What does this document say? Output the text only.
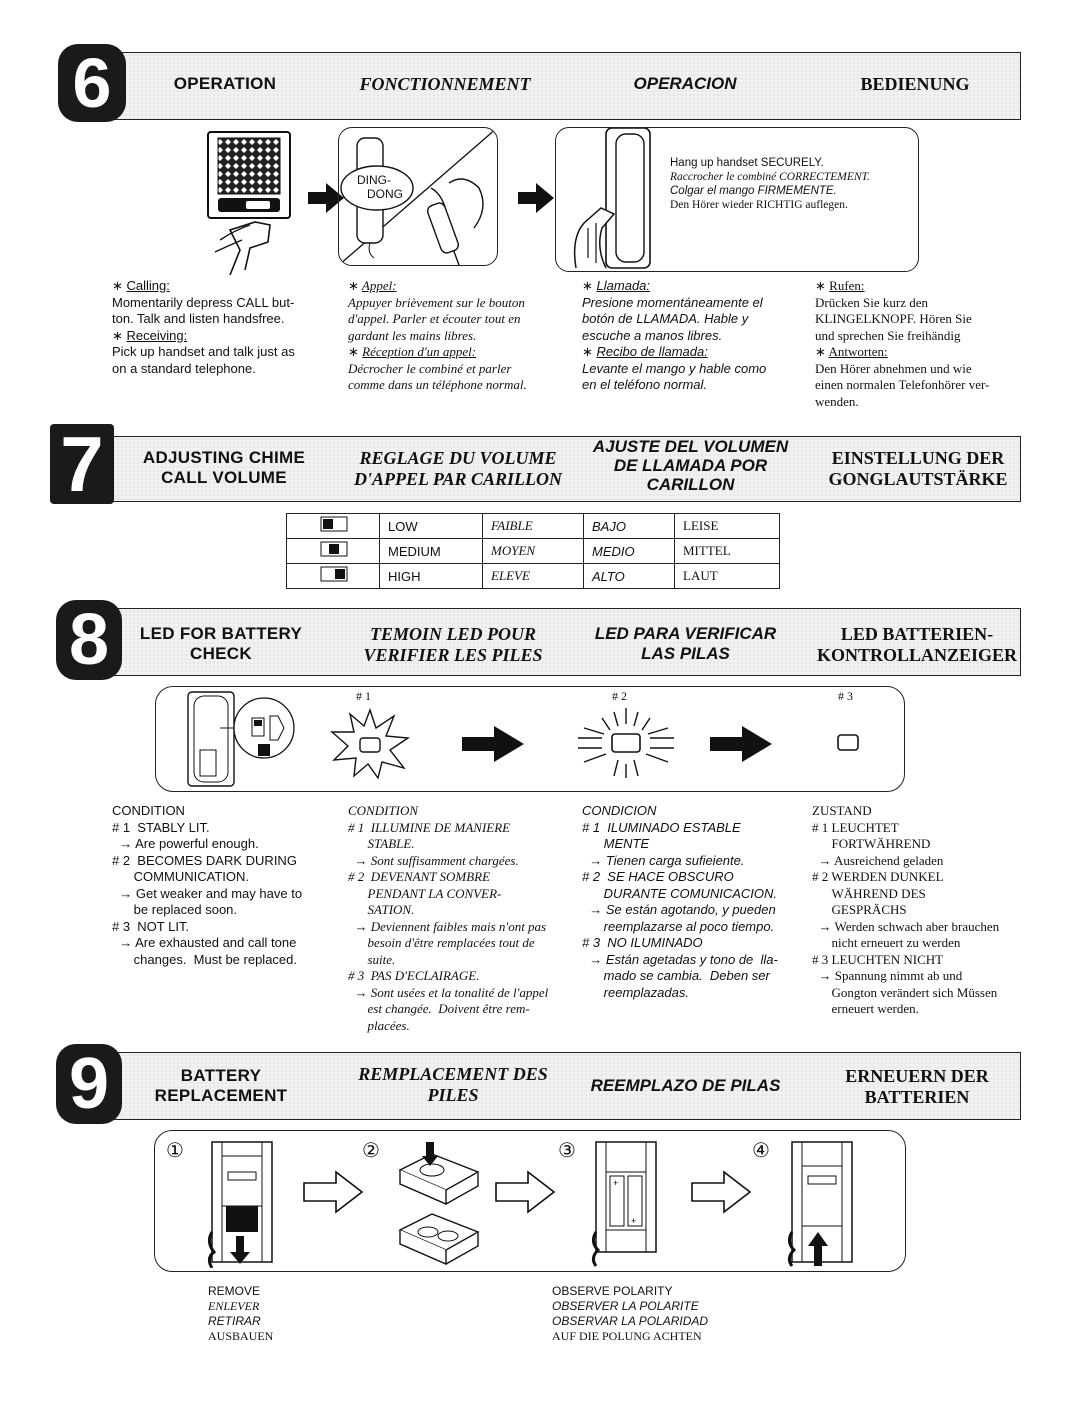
6	OPERATION	FONCTIONNEMENT	OPERACION	BEDIENUNG
DING-
DONG

Hang up handset SECURELY.

Raccrocher le combiné CORRECTEMENT.

Colgar el mango FIRMEMENTE.

Den Hörer wieder RICHTIG auflegen.

∗ Calling:

Momentarily depress CALL but-
ton. Talk and listen handsfree.

∗ Receiving:

Pick up handset and talk just as
on a standard telephone.

∗ Appel:

Appuyer brièvement sur le bouton
d'appel. Parler et écouter tout en
gardant les mains libres.

∗ Réception d'un appel:

Décrocher le combiné et parler
comme dans un téléphone normal.

∗ Llamada:

Presione momentáneamente el
botón de LLAMADA. Hable y
escuche a manos libres.

∗ Recibo de llamada:

Levante el mango y hable como
en el teléfono normal.

∗ Rufen:

Drücken Sie kurz den
KLINGELKNOPF. Hören Sie
und sprechen Sie freihändig

∗ Antworten:

Den Hörer abnehmen und wie
einen normalen Telefonhörer ver-
wenden.

7	ADJUSTING CHIME
CALL VOLUME
REGLAGE DU VOLUME
D'APPEL PAR CARILLON
AJUSTE DEL VOLUMEN
DE LLAMADA POR
CARILLON
EINSTELLUNG DER
GONGLAUTSTÄRKE
	LOW	FAIBLE	BAJO	LEISE
	MEDIUM	MOYEN	MEDIO	MITTEL
	HIGH	ELEVE	ALTO	LAUT
8	LED FOR BATTERY
CHECK
TEMOIN LED POUR
VERIFIER LES PILES
LED PARA VERIFICAR
LAS PILAS
LED BATTERIEN-
KONTROLLANZEIGER
# 1	# 2	# 3
CONDITION
# 1  STABLY LIT.
→ Are powerful enough.
# 2  BECOMES DARK DURING
COMMUNICATION.
→ Get weaker and may have to
be replaced soon.
# 3  NOT LIT.
→ Are exhausted and call tone
changes.  Must be replaced.
CONDITION
# 1  ILLUMINE DE MANIERE
STABLE.
→ Sont suffisamment chargées.
# 2  DEVENANT SOMBRE
PENDANT LA CONVER-
SATION.
→ Deviennent faibles mais n'ont pas
besoin d'être remplacées tout de
suite.
# 3  PAS D'ECLAIRAGE.
→ Sont usées et la tonalité de l'appel
est changée.  Doivent être rem-
placées.
CONDICION
# 1  ILUMINADO ESTABLE
MENTE
→ Tienen carga sufieiente.
# 2  SE HACE OBSCURO
DURANTE COMUNICACION.
→ Se están agotando, y pueden
reemplazarse al poco tiempo.
# 3  NO ILUMINADO
→ Están agetadas y tono de  lla-
mado se cambia.  Deben ser
reemplazadas.
ZUSTAND
# 1 LEUCHTET
FORTWÄHREND
→ Ausreichend geladen
# 2 WERDEN DUNKEL
WÄHREND DES
GESPRÄCHS
→ Werden schwach aber brauchen
nicht erneuert zu werden
# 3 LEUCHTEN NICHT
→ Spannung nimmt ab und
Gongton verändert sich Müssen
erneuert werden.
9	BATTERY
REPLACEMENT
REMPLACEMENT DES
PILES	REEMPLAZO DE PILAS	ERNEUERN DER
BATTERIEN
①	②	③	④
+
+

REMOVE

ENLEVER

RETIRAR

AUSBAUEN

OBSERVE POLARITY

OBSERVER LA POLARITE

OBSERVAR LA POLARIDAD

AUF DIE POLUNG ACHTEN
